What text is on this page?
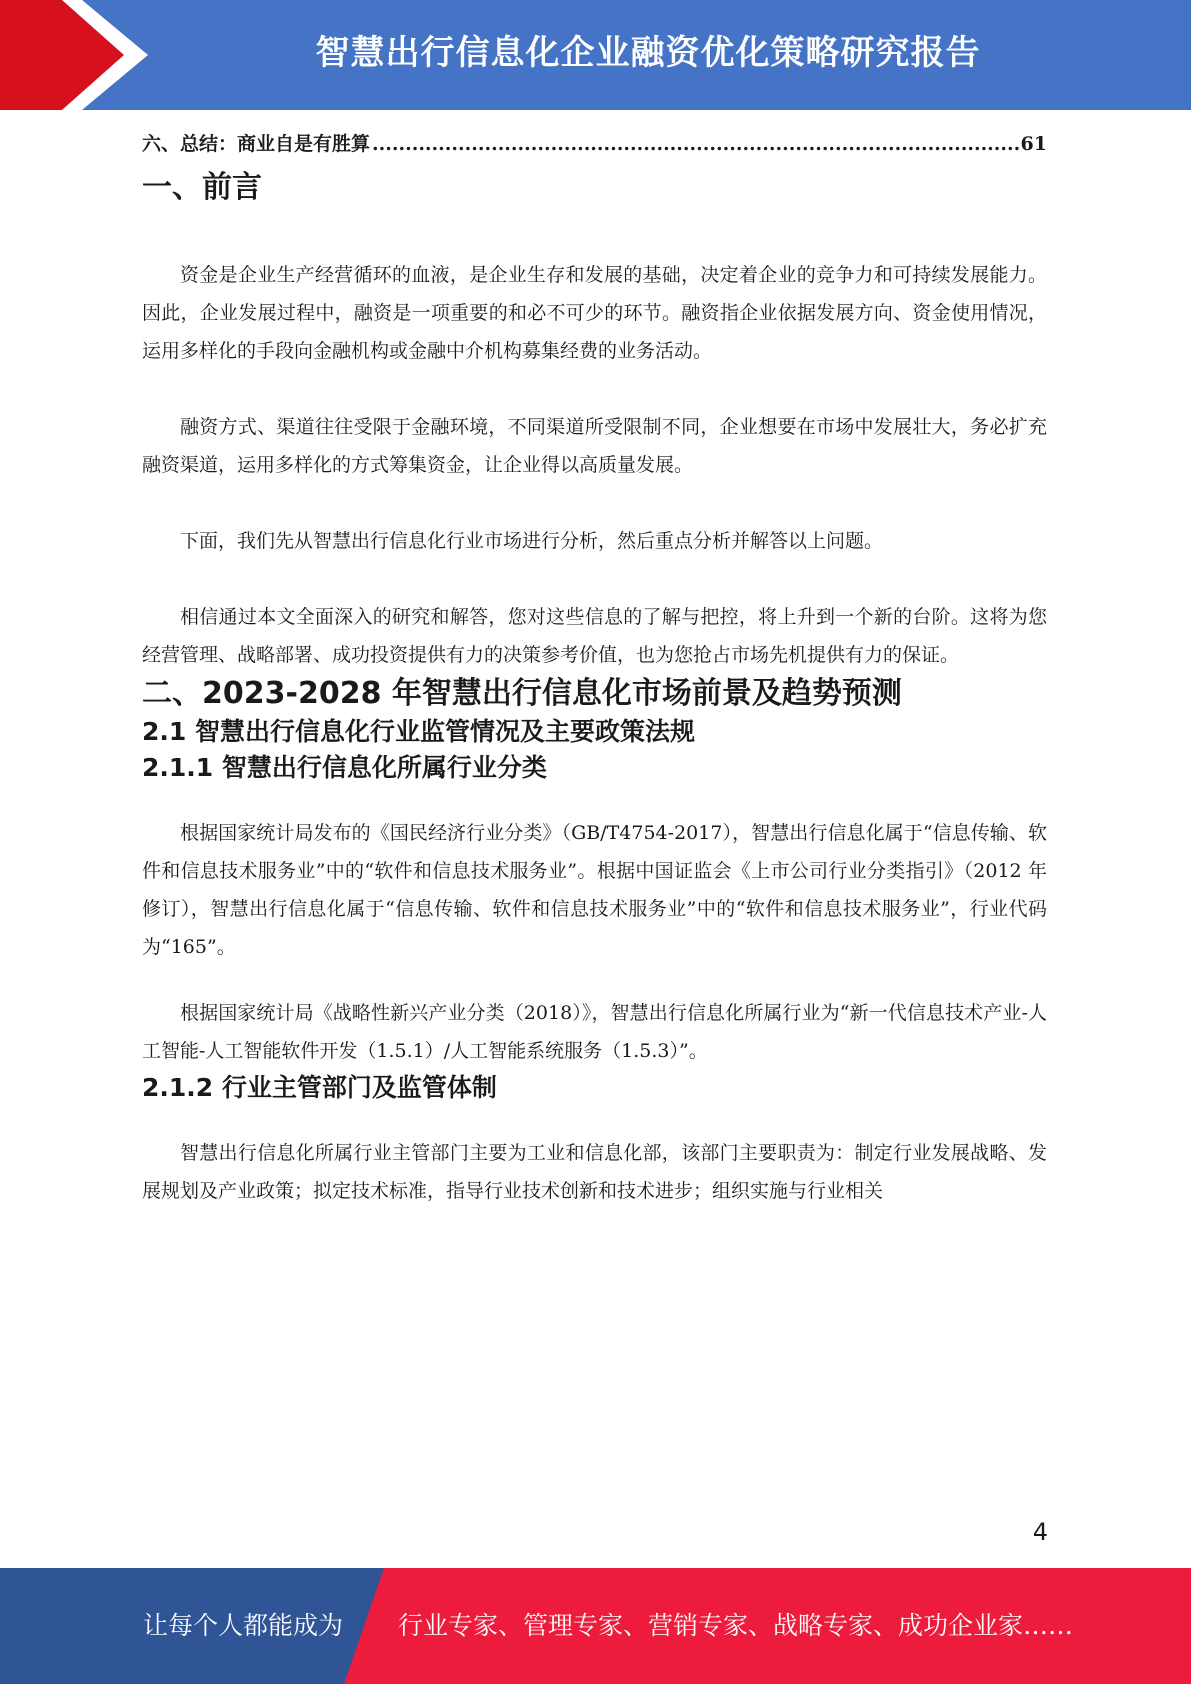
智慧出行信息化企业融资优化策略研究报告
六、总结：商业自是有胜算
.....	61
一、前言

资金是企业生产经营循环的血液，是企业生存和发展的基础，决定着企业的竞争力和可持续发展能力。因此，企业发展过程中，融资是一项重要的和必不可少的环节。融资指企业依据发展方向、资金使用情况，运用多样化的手段向金融机构或金融中介机构募集经费的业务活动。

融资方式、渠道往往受限于金融环境，不同渠道所受限制不同，企业想要在市场中发展壮大，务必扩充融资渠道，运用多样化的方式筹集资金，让企业得以高质量发展。

下面，我们先从智慧出行信息化行业市场进行分析，然后重点分析并解答以上问题。

相信通过本文全面深入的研究和解答，您对这些信息的了解与把控，将上升到一个新的台阶。这将为您经营管理、战略部署、成功投资提供有力的决策参考价值，也为您抢占市场先机提供有力的保证。

二、2023-2028 年智慧出行信息化市场前景及趋势预测
2.1 智慧出行信息化行业监管情况及主要政策法规
2.1.1 智慧出行信息化所属行业分类

根据国家统计局发布的《国民经济行业分类》（GB/T4754-2017），智慧出行信息化属于“信息传输、软件和信息技术服务业”中的“软件和信息技术服务业”。根据中国证监会《上市公司行业分类指引》（2012 年修订），智慧出行信息化属于“信息传输、软件和信息技术服务业”中的“软件和信息技术服务业”，行业代码为“165”。

根据国家统计局《战略性新兴产业分类（2018）》，智慧出行信息化所属行业为“新一代信息技术产业-人工智能-人工智能软件开发（1.5.1）/人工智能系统服务（1.5.3）”。

2.1.2 行业主管部门及监管体制

智慧出行信息化所属行业主管部门主要为工业和信息化部，该部门主要职责为：制定行业发展战略、发展规划及产业政策；拟定技术标准，指导行业技术创新和技术进步；组织实施与行业相关

4
让每个人都能成为 行业专家、管理专家、营销专家、战略专家、成功企业家……
